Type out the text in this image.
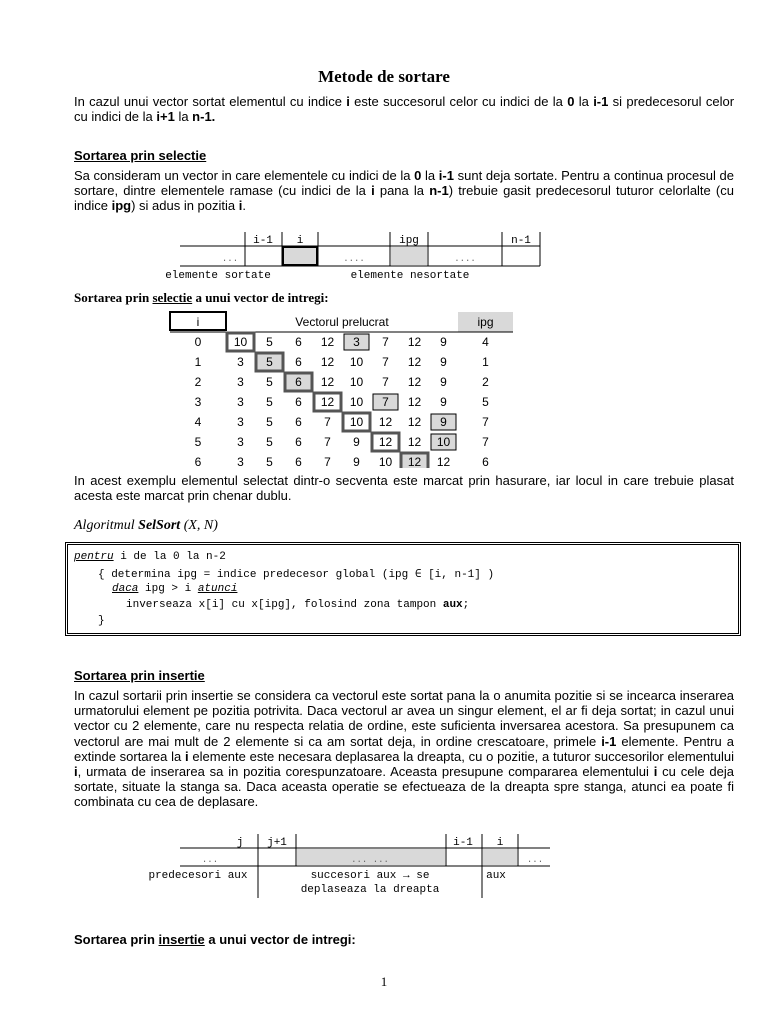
Metode de sortare
In cazul unui vector sortat elementul cu indice i este succesorul celor cu indici de la 0 la i-1 si predecesorul celor cu indici de la i+1 la n-1.
Sortarea prin selectie
Sa consideram un vector in care elementele cu indici de la 0 la i-1 sunt deja sortate. Pentru a continua procesul de sortare, dintre elementele ramase (cu indici de la i pana la n-1) trebuie gasit predecesorul tuturor celorlalte (cu indice ipg) si adus in pozitia i.
i-1 i	ipg	n-1
...	....	....
elemente sortate	elemente nesortate
Sortarea prin selectie a unui vector de intregi:
i	Vectorul prelucrat	ipg
0	10 5 6 12 3 7 12 9	4
1	3 5 6 12 10 7 12 9	1
2	3 5 6 12 10 7 12 9	2
3	3 5 6 12 10 7 12 9	5
4	3 5 6 7 10 12 12 9	7
5	3 5 6 7 9 12 12 10	7
6	3 5 6 7 9 10 12 12	6
In acest exemplu elementul selectat dintr-o secventa este marcat prin hasurare, iar locul in care trebuie plasat acesta este marcat prin chenar dublu.
Algoritmul SelSort (X, N)
pentru i de la 0 la n-2
{ determina ipg = indice predecesor global (ipg ∈ [i, n-1] )
daca ipg > i atunci
inverseaza x[i] cu x[ipg], folosind zona tampon aux;
}
Sortarea prin insertie
In cazul sortarii prin insertie se considera ca vectorul este sortat pana la o anumita pozitie si se incearca inserarea urmatorului element pe pozitia potrivita. Daca vectorul ar avea un singur element, el ar fi deja sortat; in cazul unui vector cu 2 elemente, care nu respecta relatia de ordine, este suficienta inversarea acestora. Sa presupunem ca vectorul are mai mult de 2 elemente si ca am sortat deja, in ordine crescatoare, primele i-1 elemente. Pentru a extinde sortarea la i elemente este necesara deplasarea la dreapta, cu o pozitie, a tuturor succesorilor elementului i, urmata de inserarea sa in pozitia corespunzatoare. Aceasta presupune compararea elementului i cu cele deja sortate, situate la stanga sa. Daca aceasta operatie se efectueaza de la dreapta spre stanga, atunci ea poate fi combinata cu cea de deplasare.
j j+1	i-1 i
...	... ...	...
predecesori aux	succesori aux → se
deplaseaza la dreapta
aux
Sortarea prin insertie a unui vector de intregi:
1
